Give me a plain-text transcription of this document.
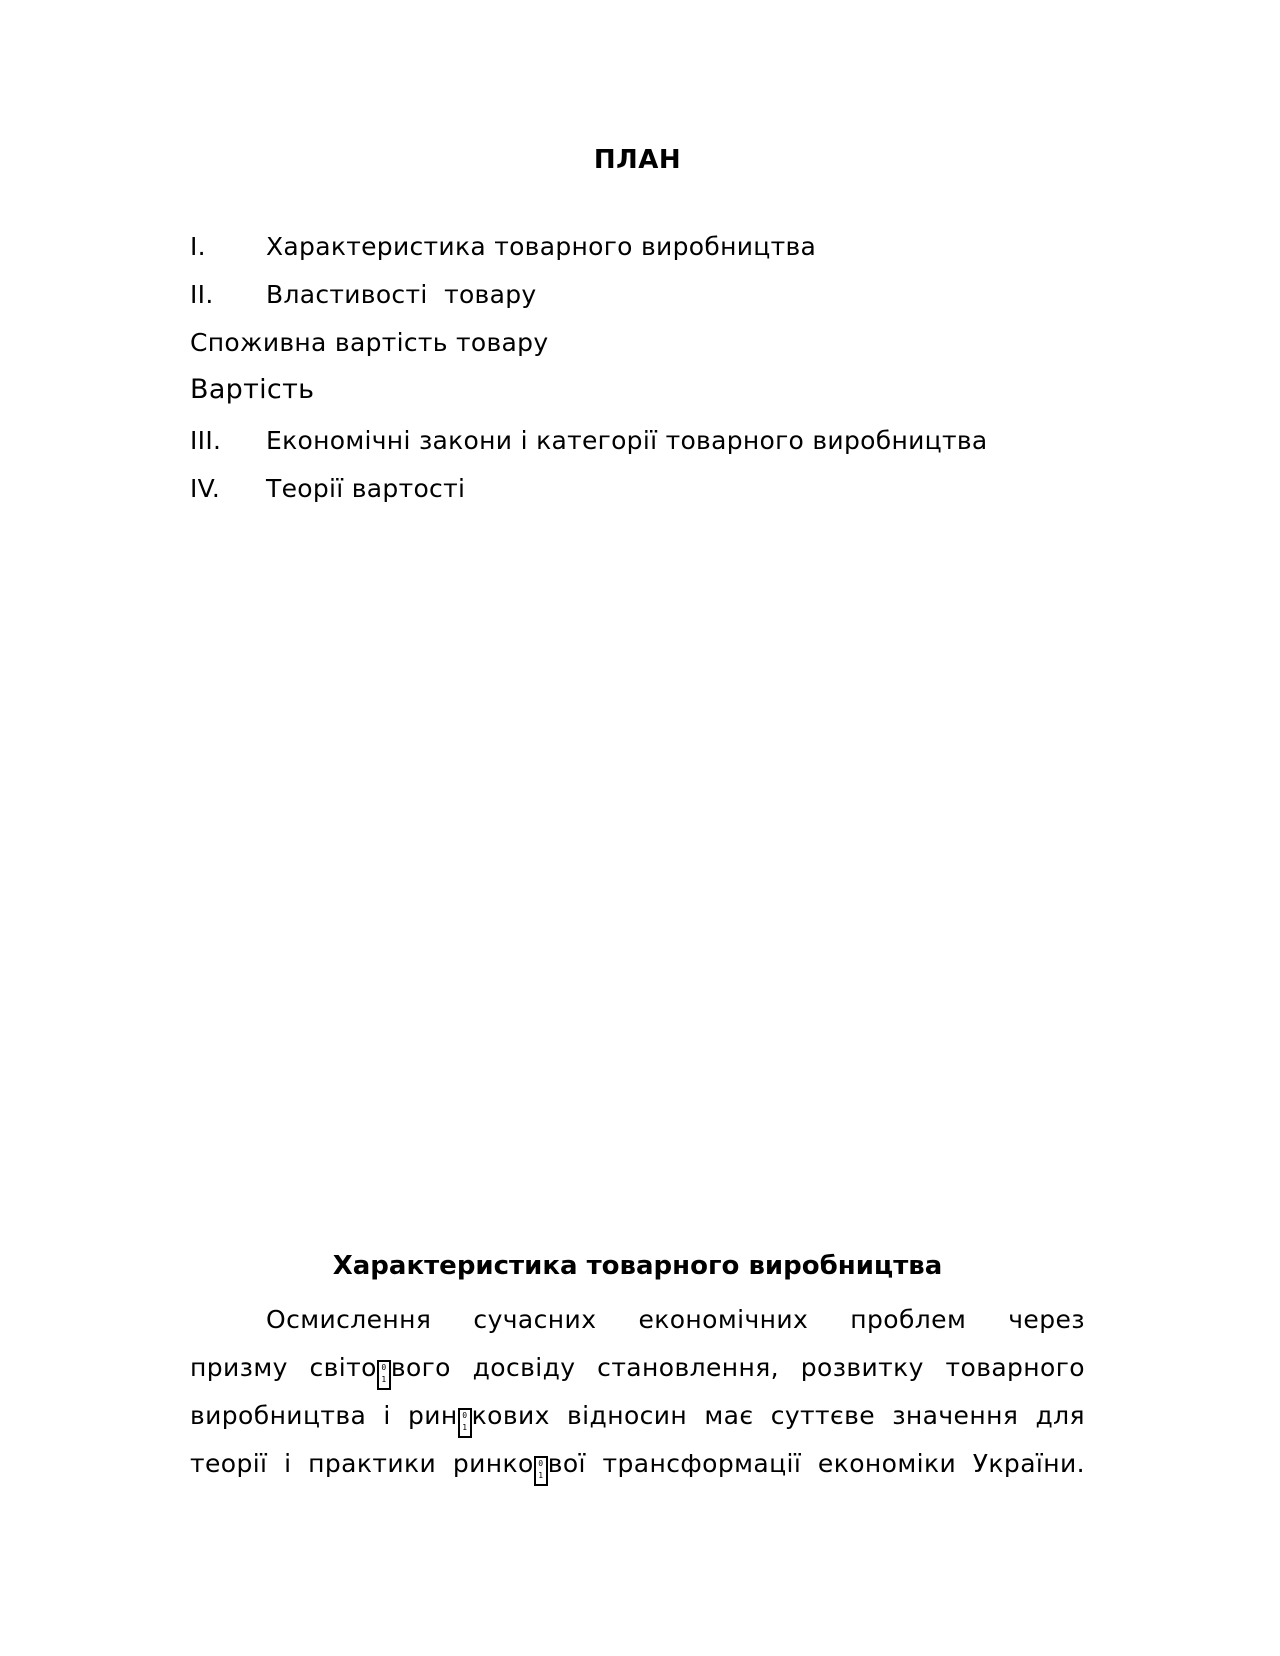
ПЛАН
I. Характеристика товарного виробництва
II. Властивості  товару
Споживна вартість товару
Вартість
III. Економічні закони і категорії товарного виробництва
IV. Теорії вартості
Характеристика товарного виробництва
Осмислення сучасних економічних проблем через
призму світо 0
1 вого досвіду становлення, розвитку товарного
виробництва і рин 0
1 кових відносин має суттєве значення для
теорії і практики ринко 0
1 вої трансформації економіки України.
